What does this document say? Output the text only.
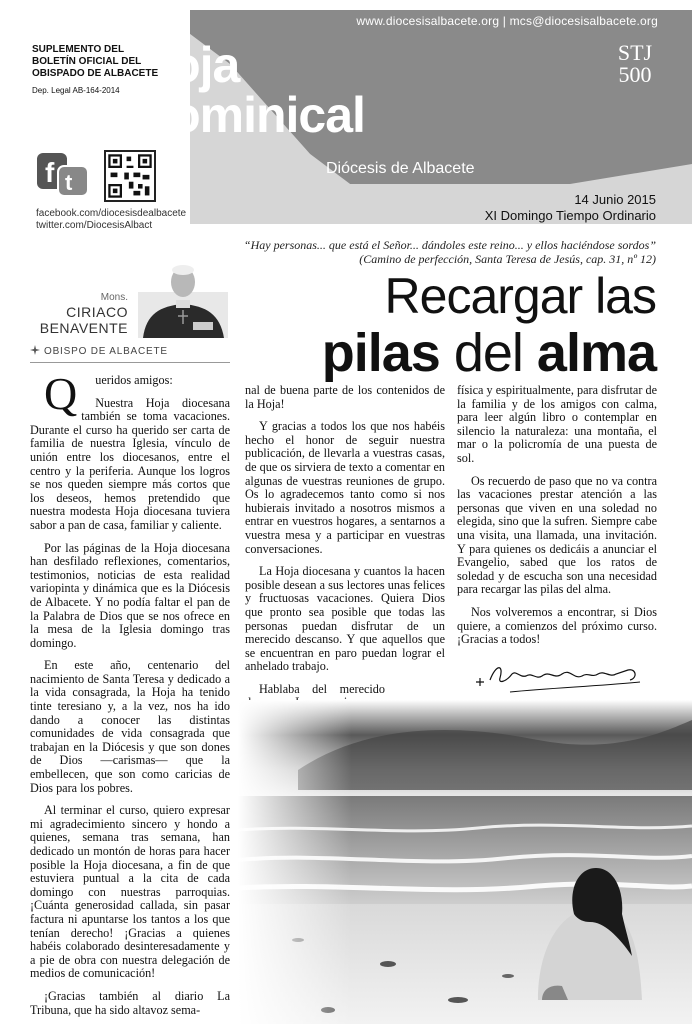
www.diocesisalbacete.org | mcs@diocesisalbacete.org
Hoja
Dominical
Diócesis de Albacete
STJ
500
14 Junio 2015
XI Domingo Tiempo Ordinario
SUPLEMENTO DEL
BOLETÍN OFICIAL DEL
OBISPADO DE ALBACETE
Dep. Legal AB-164-2014
f t
facebook.com/diocesisdealbacete
twitter.com/DiocesisAlbact
“Hay personas... que está el Señor... dándoles este reino... y ellos haciéndose sordos”
(Camino de perfección, Santa Teresa de Jesús, cap. 31, nº 12)
Mons.
CIRIACO
BENAVENTE
OBISPO DE ALBACETE
Recargar las
pilas del alma

Q ueridos amigos:

Nuestra Hoja diocesana también se toma vacaciones. Durante el curso ha querido ser carta de familia de nuestra Iglesia, vínculo de unión entre los diocesanos, entre el centro y la periferia. Aunque los logros se nos queden siempre más cortos que los deseos, hemos pretendido que nuestra modesta Hoja diocesana tuviera sabor a pan de casa, familiar y caliente.

Por las páginas de la Hoja diocesana han desfilado reflexiones, comentarios, testimonios, noticias de esta realidad variopinta y dinámica que es la Diócesis de Albacete. Y no podía faltar el pan de la Palabra de Dios que se nos ofrece en la mesa de la Iglesia domingo tras domingo.

En este año, centenario del nacimiento de Santa Teresa y dedicado a la vida consagrada, la Hoja ha tenido tinte teresiano y, a la vez, nos ha ido dando a conocer las distintas comunidades de vida consagrada que trabajan en la Diócesis y que son dones de Dios —carismas— que la embellecen, que son como caricias de Dios para los pobres.

Al terminar el curso, quiero expresar mi agradecimiento sincero y hondo a quienes, semana tras semana, han dedicado un montón de horas para hacer posible la Hoja diocesana, a fin de que estuviera puntual a la cita de cada domingo con nuestras parroquias. ¡Cuánta generosidad callada, sin pasar factura ni apuntarse los tantos a los que tenían derecho! ¡Gracias a quienes habéis colaborado desinteresadamente y a pie de obra con nuestra delegación de medios de comunicación!

¡Gracias también al diario La Tribuna, que ha sido altavoz sema-

nal de buena parte de los contenidos de la Hoja!

Y gracias a todos los que nos habéis hecho el honor de seguir nuestra publicación, de llevarla a vuestras casas, de que os sirviera de texto a comentar en algunas de vuestras reuniones de grupo. Os lo agradecemos tanto como si nos hubierais invitado a nosotros mismos a entrar en vuestros hogares, a sentarnos a vuestra mesa y a participar en vuestras conversaciones.

La Hoja diocesana y cuantos la hacen posible desean a sus lectores unas felices y fructuosas vacaciones. Quiera Dios que pronto sea posible que todas las personas puedan disfrutar de un merecido descanso. Y que aquellos que se encuentran en paro puedan lograr el anhelado trabajo.

Hablaba del merecido

física y espiritualmente, para disfrutar de la familia y de los amigos con calma, para leer algún libro o contemplar en silencio la naturaleza: una montaña, el mar o la policromía de una puesta de sol.

Os recuerdo de paso que no va contra las vacaciones prestar atención a las personas que viven en una soledad no elegida, sino que la sufren. Siempre cabe una visita, una llamada, una invitación. Y para quienes os dedicáis a anunciar el Evangelio, sabed que los ratos de soledad y de escucha son una necesidad para recargar las pilas del alma.

Nos volveremos a encontrar, si Dios quiere, a comienzos del próximo curso. ¡Gracias a todos!
